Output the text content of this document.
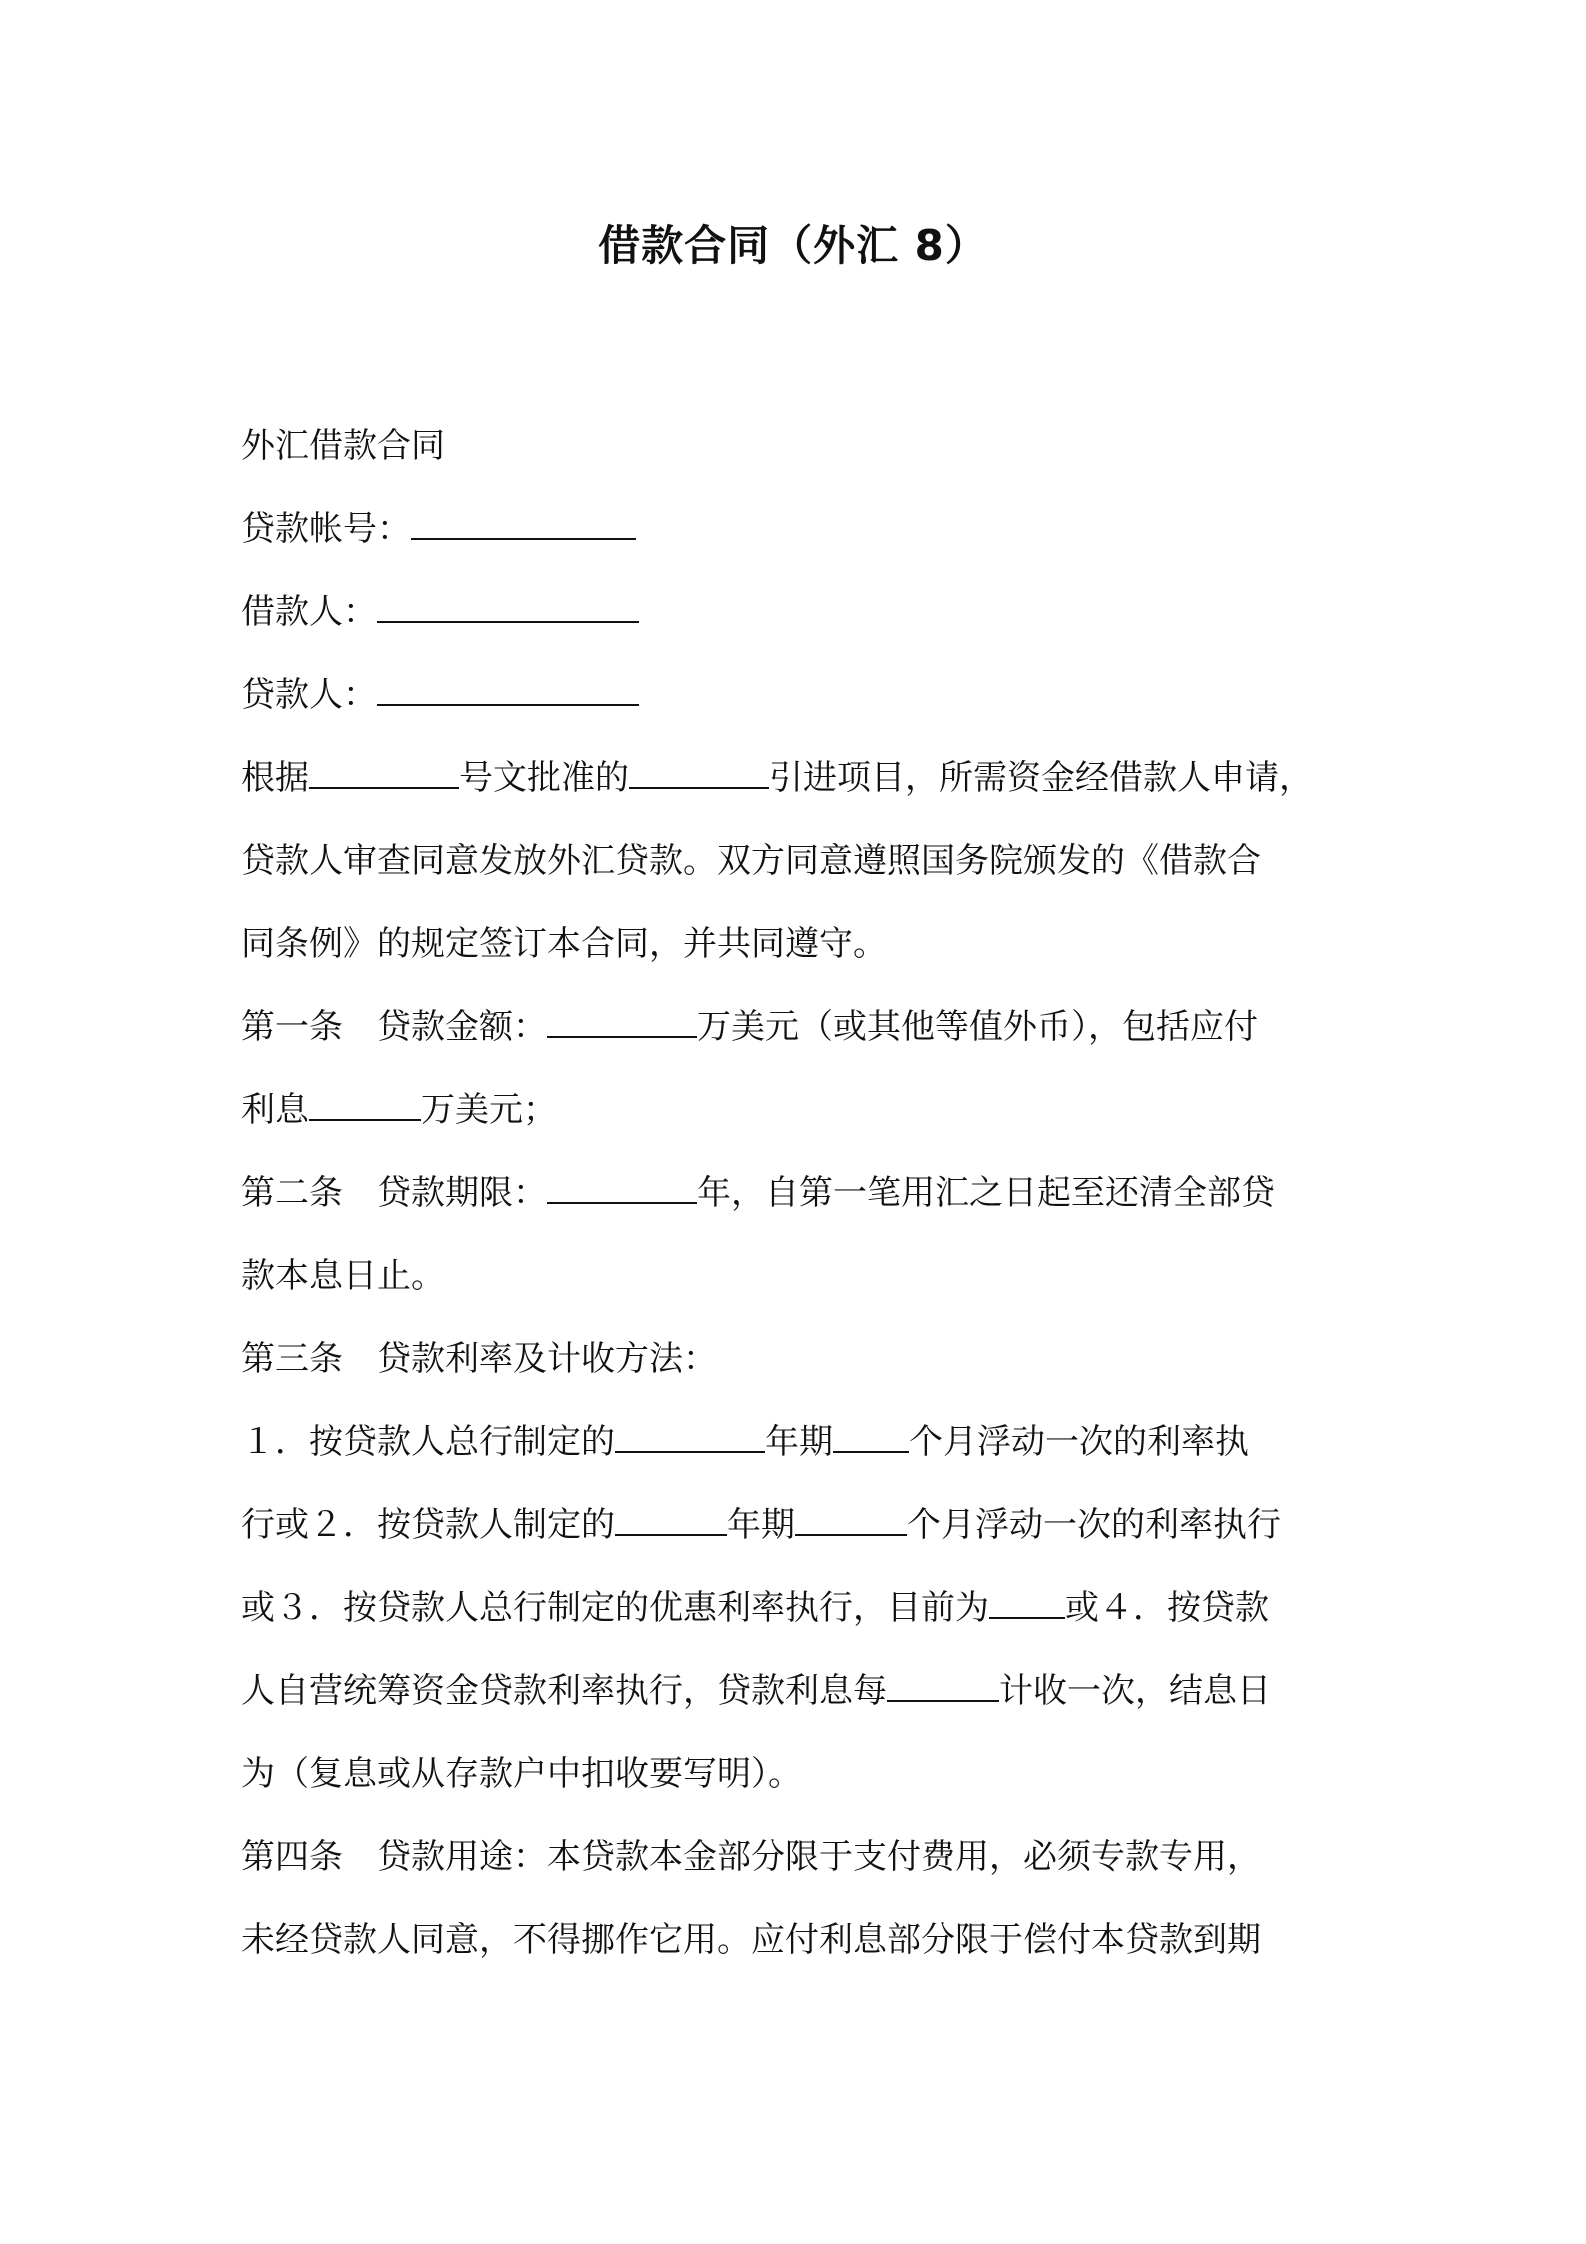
借款合同（外汇 8）
外汇借款合同
贷款帐号：
借款人：
贷款人：
根据	号文批准的	引进项目，所需资金经借款人申请，
贷款人审查同意发放外汇贷款。双方同意遵照国务院颁发的《借款合
同条例》的规定签订本合同，并共同遵守。
第一条　贷款金额：	万美元（或其他等值外币），包括应付
利息	万美元；
第二条　贷款期限：	年，自第一笔用汇之日起至还清全部贷
款本息日止。
第三条　贷款利率及计收方法：
１．按贷款人总行制定的	年期 个月浮动一次的利率执
行或２．按贷款人制定的	年期	个月浮动一次的利率执行
或３．按贷款人总行制定的优惠利率执行，目前为 或４．按贷款
人自营统筹资金贷款利率执行，贷款利息每	计收一次，结息日
为（复息或从存款户中扣收要写明）。
第四条　贷款用途：本贷款本金部分限于支付费用，必须专款专用，
未经贷款人同意，不得挪作它用。应付利息部分限于偿付本贷款到期
